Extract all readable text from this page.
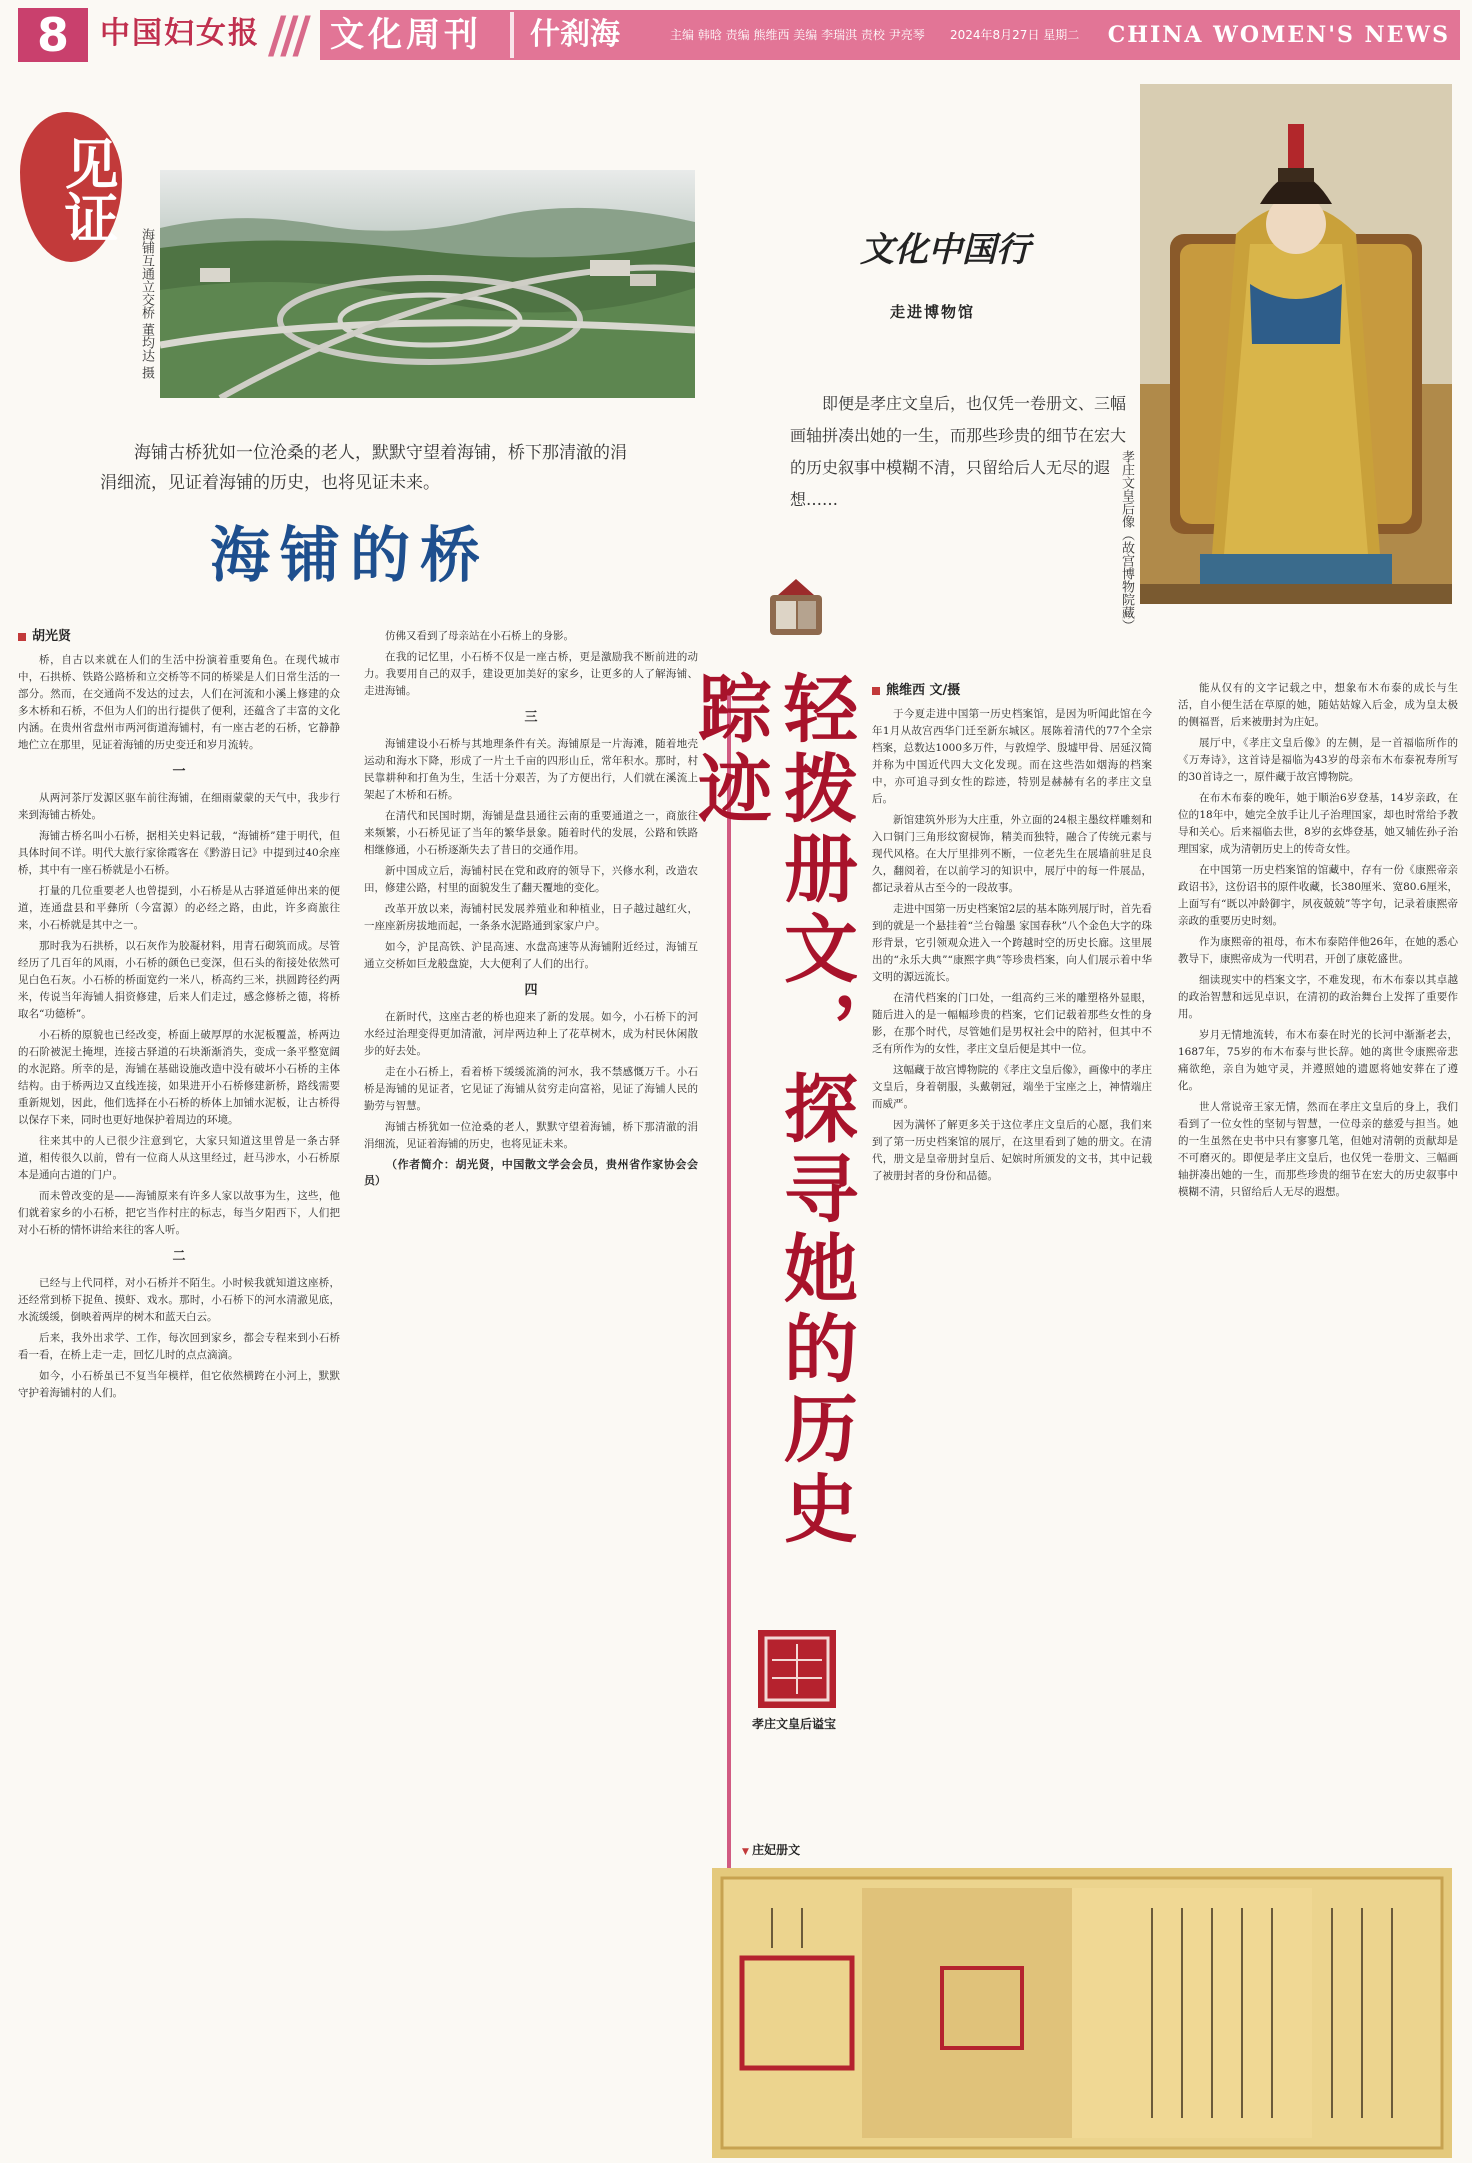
8	中国妇女报 /// 文化周刊 什刹海	主编 韩晗 责编 熊维西 美编 李瑞淇 责校 尹亮琴 2024年8月27日 星期二 CHINA WOMEN'S NEWS
见证
海铺互通立交桥 董均达 摄

海铺古桥犹如一位沧桑的老人，默默守望着海铺，桥下那清澈的涓涓细流，见证着海铺的历史，也将见证未来。

海铺的桥
胡光贤

桥，自古以来就在人们的生活中扮演着重要角色。在现代城市中，石拱桥、铁路公路桥和立交桥等不同的桥梁是人们日常生活的一部分。然而，在交通尚不发达的过去，人们在河流和小溪上修建的众多木桥和石桥，不但为人们的出行提供了便利，还蕴含了丰富的文化内涵。在贵州省盘州市两河街道海铺村，有一座古老的石桥，它静静地伫立在那里，见证着海铺的历史变迁和岁月流转。

一

从两河茶厅发源区驱车前往海铺，在细雨蒙蒙的天气中，我步行来到海铺古桥处。

海铺古桥名叫小石桥，据相关史料记载，“海铺桥”建于明代，但具体时间不详。明代大旅行家徐霞客在《黔游日记》中提到过40余座桥，其中有一座石桥就是小石桥。

打量的几位重要老人也曾提到，小石桥是从古驿道延伸出来的便道，连通盘县和平彝所（今富源）的必经之路，由此，许多商旅往来，小石桥就是其中之一。

那时我为石拱桥，以石灰作为胶凝材料，用青石砌筑而成。尽管经历了几百年的风雨，小石桥的颜色已变深，但石头的衔接处依然可见白色石灰。小石桥的桥面宽约一米八，桥高约三米，拱圆跨径约两米，传说当年海铺人捐资修建，后来人们走过，感念修桥之德，将桥取名“功德桥”。

小石桥的原貌也已经改变，桥面上破厚厚的水泥板覆盖，桥两边的石阶被泥土掩埋，连接古驿道的石块渐渐消失，变成一条平整宽阔的水泥路。所幸的是，海铺在基础设施改造中没有破坏小石桥的主体结构。由于桥两边又直线连接，如果进开小石桥修建新桥，路线需要重新规划，因此，他们选择在小石桥的桥体上加铺水泥板，让古桥得以保存下来，同时也更好地保护着周边的环境。

往来其中的人已很少注意到它，大家只知道这里曾是一条古驿道，相传很久以前，曾有一位商人从这里经过，赶马涉水，小石桥原本是通向古道的门户。

而未曾改变的是——海铺原来有许多人家以故事为生，这些，他们就着家乡的小石桥，把它当作村庄的标志，每当夕阳西下，人们把对小石桥的情怀讲给来往的客人听。

二

已经与上代同样，对小石桥并不陌生。小时候我就知道这座桥，还经常到桥下捉鱼、摸虾、戏水。那时，小石桥下的河水清澈见底，水流缓缓，倒映着两岸的树木和蓝天白云。

后来，我外出求学、工作，每次回到家乡，都会专程来到小石桥看一看，在桥上走一走，回忆儿时的点点滴滴。

如今，小石桥虽已不复当年模样，但它依然横跨在小河上，默默守护着海铺村的人们。

仿佛又看到了母亲站在小石桥上的身影。

在我的记忆里，小石桥不仅是一座古桥，更是激励我不断前进的动力。我要用自己的双手，建设更加美好的家乡，让更多的人了解海铺、走进海铺。

三

海铺建设小石桥与其地理条件有关。海铺原是一片海滩，随着地壳运动和海水下降，形成了一片土千亩的四形山丘，常年积水。那时，村民靠耕种和打鱼为生，生活十分艰苦，为了方便出行，人们就在溪流上架起了木桥和石桥。

在清代和民国时期，海铺是盘县通往云南的重要通道之一，商旅往来频繁，小石桥见证了当年的繁华景象。随着时代的发展，公路和铁路相继修通，小石桥逐渐失去了昔日的交通作用。

新中国成立后，海铺村民在党和政府的领导下，兴修水利，改造农田，修建公路，村里的面貌发生了翻天覆地的变化。

改革开放以来，海铺村民发展养殖业和种植业，日子越过越红火，一座座新房拔地而起，一条条水泥路通到家家户户。

如今，沪昆高铁、沪昆高速、水盘高速等从海铺附近经过，海铺互通立交桥如巨龙般盘旋，大大便利了人们的出行。

四

在新时代，这座古老的桥也迎来了新的发展。如今，小石桥下的河水经过治理变得更加清澈，河岸两边种上了花草树木，成为村民休闲散步的好去处。

走在小石桥上，看着桥下缓缓流淌的河水，我不禁感慨万千。小石桥是海铺的见证者，它见证了海铺从贫穷走向富裕，见证了海铺人民的勤劳与智慧。

海铺古桥犹如一位沧桑的老人，默默守望着海铺，桥下那清澈的涓涓细流，见证着海铺的历史，也将见证未来。

（作者简介：胡光贤，中国散文学会会员，贵州省作家协会会员）

文化中国行
走进博物馆

即便是孝庄文皇后，也仅凭一卷册文、三幅画轴拼凑出她的一生，而那些珍贵的细节在宏大的历史叙事中模糊不清，只留给后人无尽的遐想……	孝庄文皇后像（故宫博物院藏）
轻拨册文，探寻她的历史踪迹
孝庄文皇后谥宝
熊维西 文/摄

于今夏走进中国第一历史档案馆，是因为听闻此馆在今年1月从故宫西华门迁至新东城区。展陈着清代的77个全宗档案，总数达1000多万件，与敦煌学、殷墟甲骨、居延汉简并称为中国近代四大文化发现。而在这些浩如烟海的档案中，亦可追寻到女性的踪迹，特别是赫赫有名的孝庄文皇后。

新馆建筑外形为大庄重，外立面的24根主墨纹样雕刻和入口铜门三角形纹窗棂饰，精美而独特，融合了传统元素与现代风格。在大厅里排列不断，一位老先生在展墙前驻足良久，翻阅着，在以前学习的知识中，展厅中的每一件展品，都记录着从古至今的一段故事。

走进中国第一历史档案馆2层的基本陈列展厅时，首先看到的就是一个悬挂着“兰台翰墨 家国春秋”八个金色大字的珠形背景，它引领观众进入一个跨越时空的历史长廊。这里展出的“永乐大典”“康熙字典”等珍贵档案，向人们展示着中华文明的源远流长。

在清代档案的门口处，一组高约三米的雕塑格外显眼，随后进入的是一幅幅珍贵的档案，它们记载着那些女性的身影，在那个时代，尽管她们是男权社会中的陪衬，但其中不乏有所作为的女性，孝庄文皇后便是其中一位。

这幅藏于故宫博物院的《孝庄文皇后像》，画像中的孝庄文皇后，身着朝服，头戴朝冠，端坐于宝座之上，神情端庄而威严。

因为满怀了解更多关于这位孝庄文皇后的心愿，我们来到了第一历史档案馆的展厅，在这里看到了她的册文。在清代，册文是皇帝册封皇后、妃嫔时所颁发的文书，其中记载了被册封者的身份和品德。

能从仅有的文字记载之中，想象布木布泰的成长与生活，自小便生活在草原的她，随姑姑嫁入后金，成为皇太极的侧福晋，后来被册封为庄妃。

展厅中，《孝庄文皇后像》的左侧，是一首福临所作的《万寿诗》，这首诗是福临为43岁的母亲布木布泰祝寿所写的30首诗之一，原件藏于故宫博物院。

在布木布泰的晚年，她于顺治6岁登基，14岁亲政，在位的18年中，她完全放手让儿子治理国家，却也时常给予教导和关心。后来福临去世，8岁的玄烨登基，她又辅佐孙子治理国家，成为清朝历史上的传奇女性。

在中国第一历史档案馆的馆藏中，存有一份《康熙帝亲政诏书》，这份诏书的原件收藏，长380厘米、宽80.6厘米，上面写有“既以冲龄御宇，夙夜兢兢”等字句，记录着康熙帝亲政的重要历史时刻。

作为康熙帝的祖母，布木布泰陪伴他26年，在她的悉心教导下，康熙帝成为一代明君，开创了康乾盛世。

细读现实中的档案文字，不难发现，布木布泰以其卓越的政治智慧和远见卓识，在清初的政治舞台上发挥了重要作用。

岁月无情地流转，布木布泰在时光的长河中渐渐老去，1687年，75岁的布木布泰与世长辞。她的离世令康熙帝悲痛欲绝，亲自为她守灵，并遵照她的遗愿将她安葬在了遵化。

世人常说帝王家无情，然而在孝庄文皇后的身上，我们看到了一位女性的坚韧与智慧，一位母亲的慈爱与担当。她的一生虽然在史书中只有寥寥几笔，但她对清朝的贡献却是不可磨灭的。即便是孝庄文皇后，也仅凭一卷册文、三幅画轴拼凑出她的一生，而那些珍贵的细节在宏大的历史叙事中模糊不清，只留给后人无尽的遐想。

▼ 庄妃册文
